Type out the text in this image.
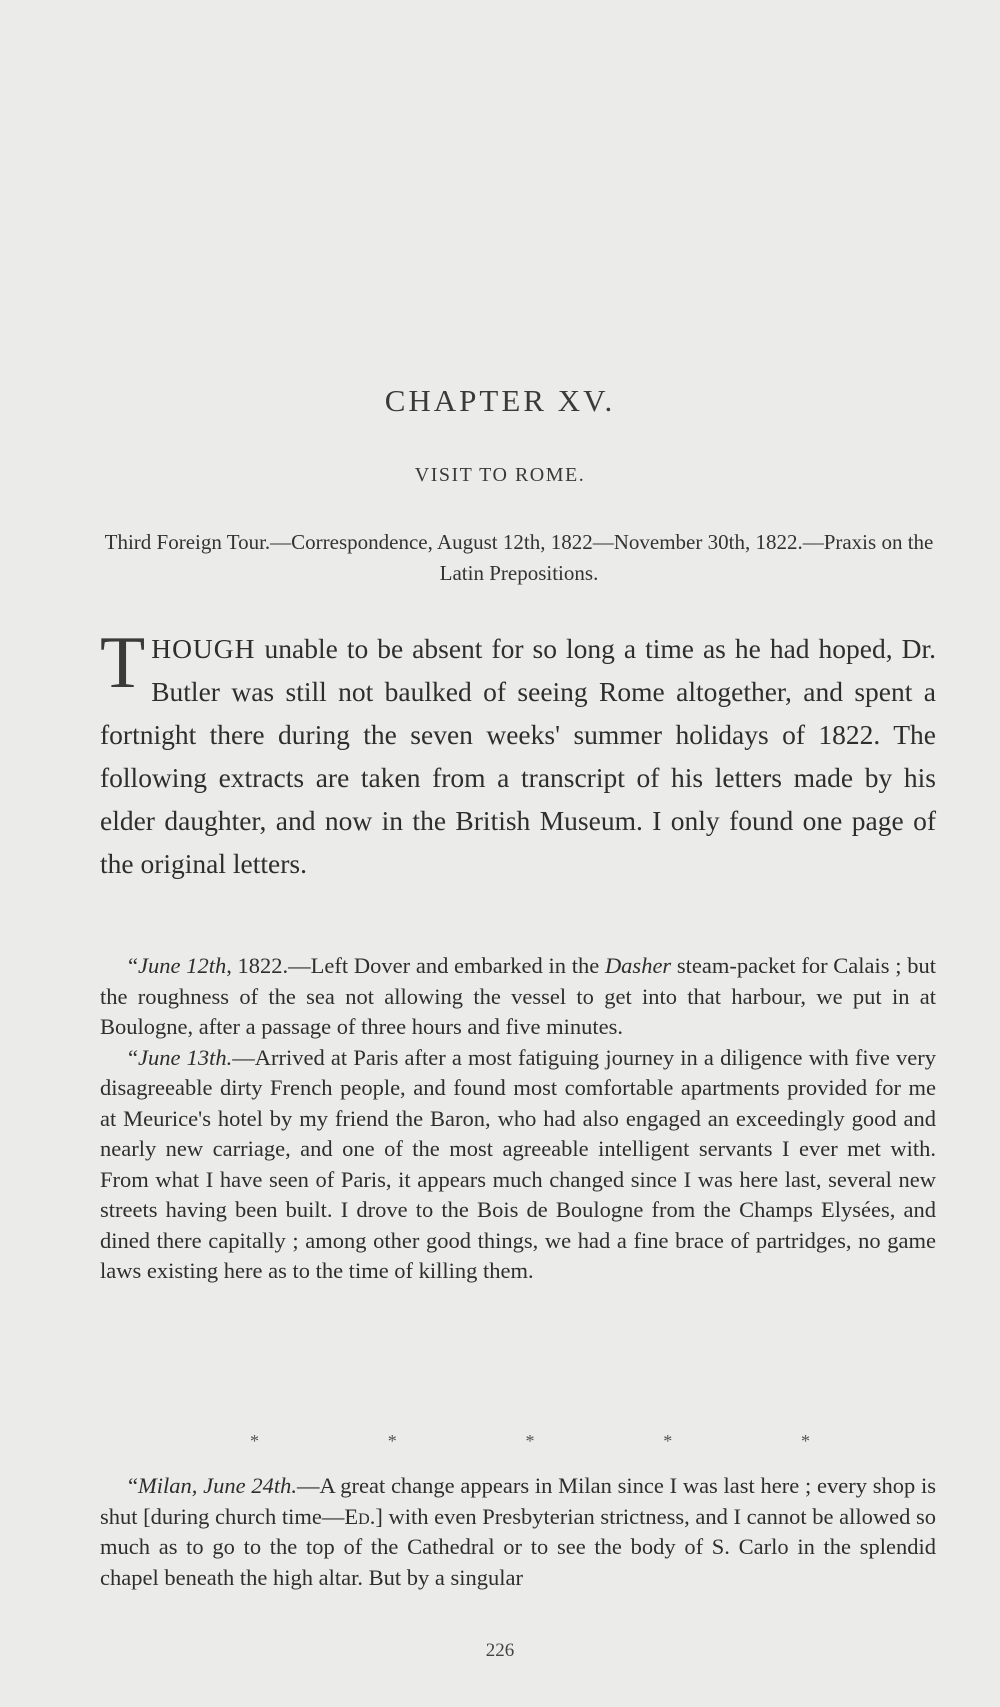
CHAPTER XV.
VISIT TO ROME.
Third Foreign Tour.—Correspondence, August 12th, 1822—November 30th, 1822.—Praxis on the Latin Prepositions.
THOUGH unable to be absent for so long a time as he had hoped, Dr. Butler was still not baulked of seeing Rome altogether, and spent a fortnight there during the seven weeks' summer holidays of 1822. The following extracts are taken from a transcript of his letters made by his elder daughter, and now in the British Museum. I only found one page of the original letters.

“June 12th, 1822.—Left Dover and embarked in the Dasher steam-packet for Calais ; but the roughness of the sea not allowing the vessel to get into that harbour, we put in at Boulogne, after a passage of three hours and five minutes.

“June 13th.—Arrived at Paris after a most fatiguing journey in a diligence with five very disagreeable dirty French people, and found most comfortable apartments provided for me at Meurice's hotel by my friend the Baron, who had also engaged an exceedingly good and nearly new carriage, and one of the most agreeable intelligent servants I ever met with. From what I have seen of Paris, it appears much changed since I was here last, several new streets having been built. I drove to the Bois de Boulogne from the Champs Elysées, and dined there capitally ; among other good things, we had a fine brace of partridges, no game laws existing here as to the time of killing them.

*	*	*	*	*

“Milan, June 24th.—A great change appears in Milan since I was last here ; every shop is shut [during church time—Ed.] with even Presbyterian strictness, and I cannot be allowed so much as to go to the top of the Cathedral or to see the body of S. Carlo in the splendid chapel beneath the high altar. But by a singular

226
